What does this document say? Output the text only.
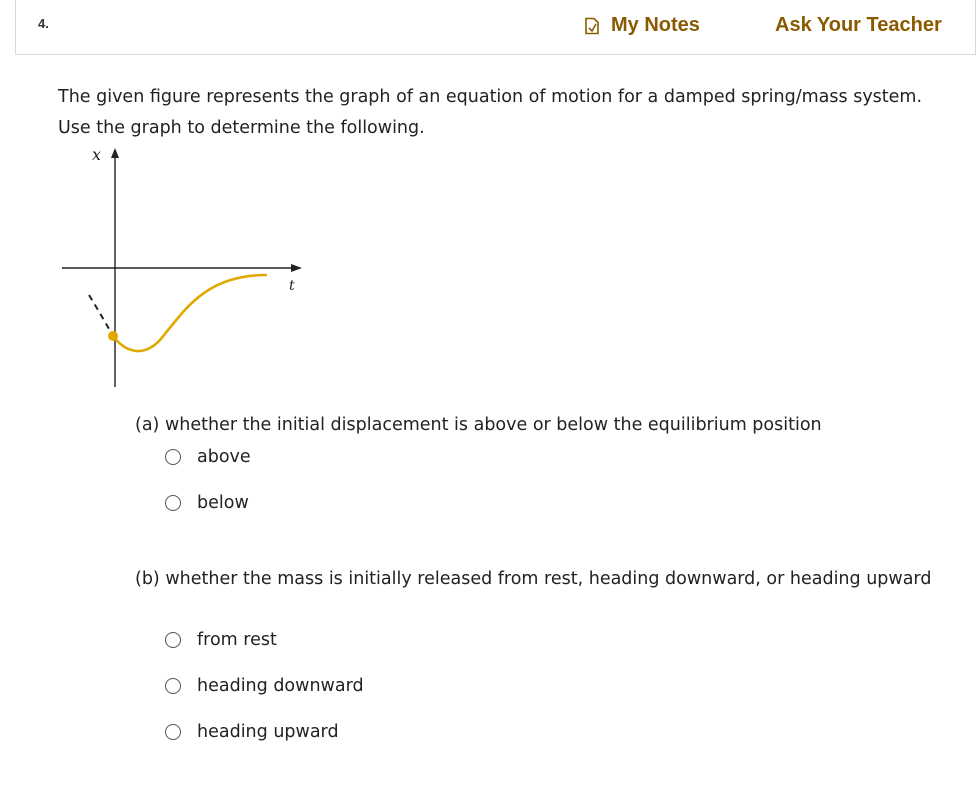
4.	My Notes	Ask Your Teacher
The given figure represents the graph of an equation of motion for a damped spring/mass system. Use the graph to determine the following.
x
t
(a) whether the initial displacement is above or below the equilibrium position
above
below
(b) whether the mass is initially released from rest, heading downward, or heading upward
from rest
heading downward
heading upward
